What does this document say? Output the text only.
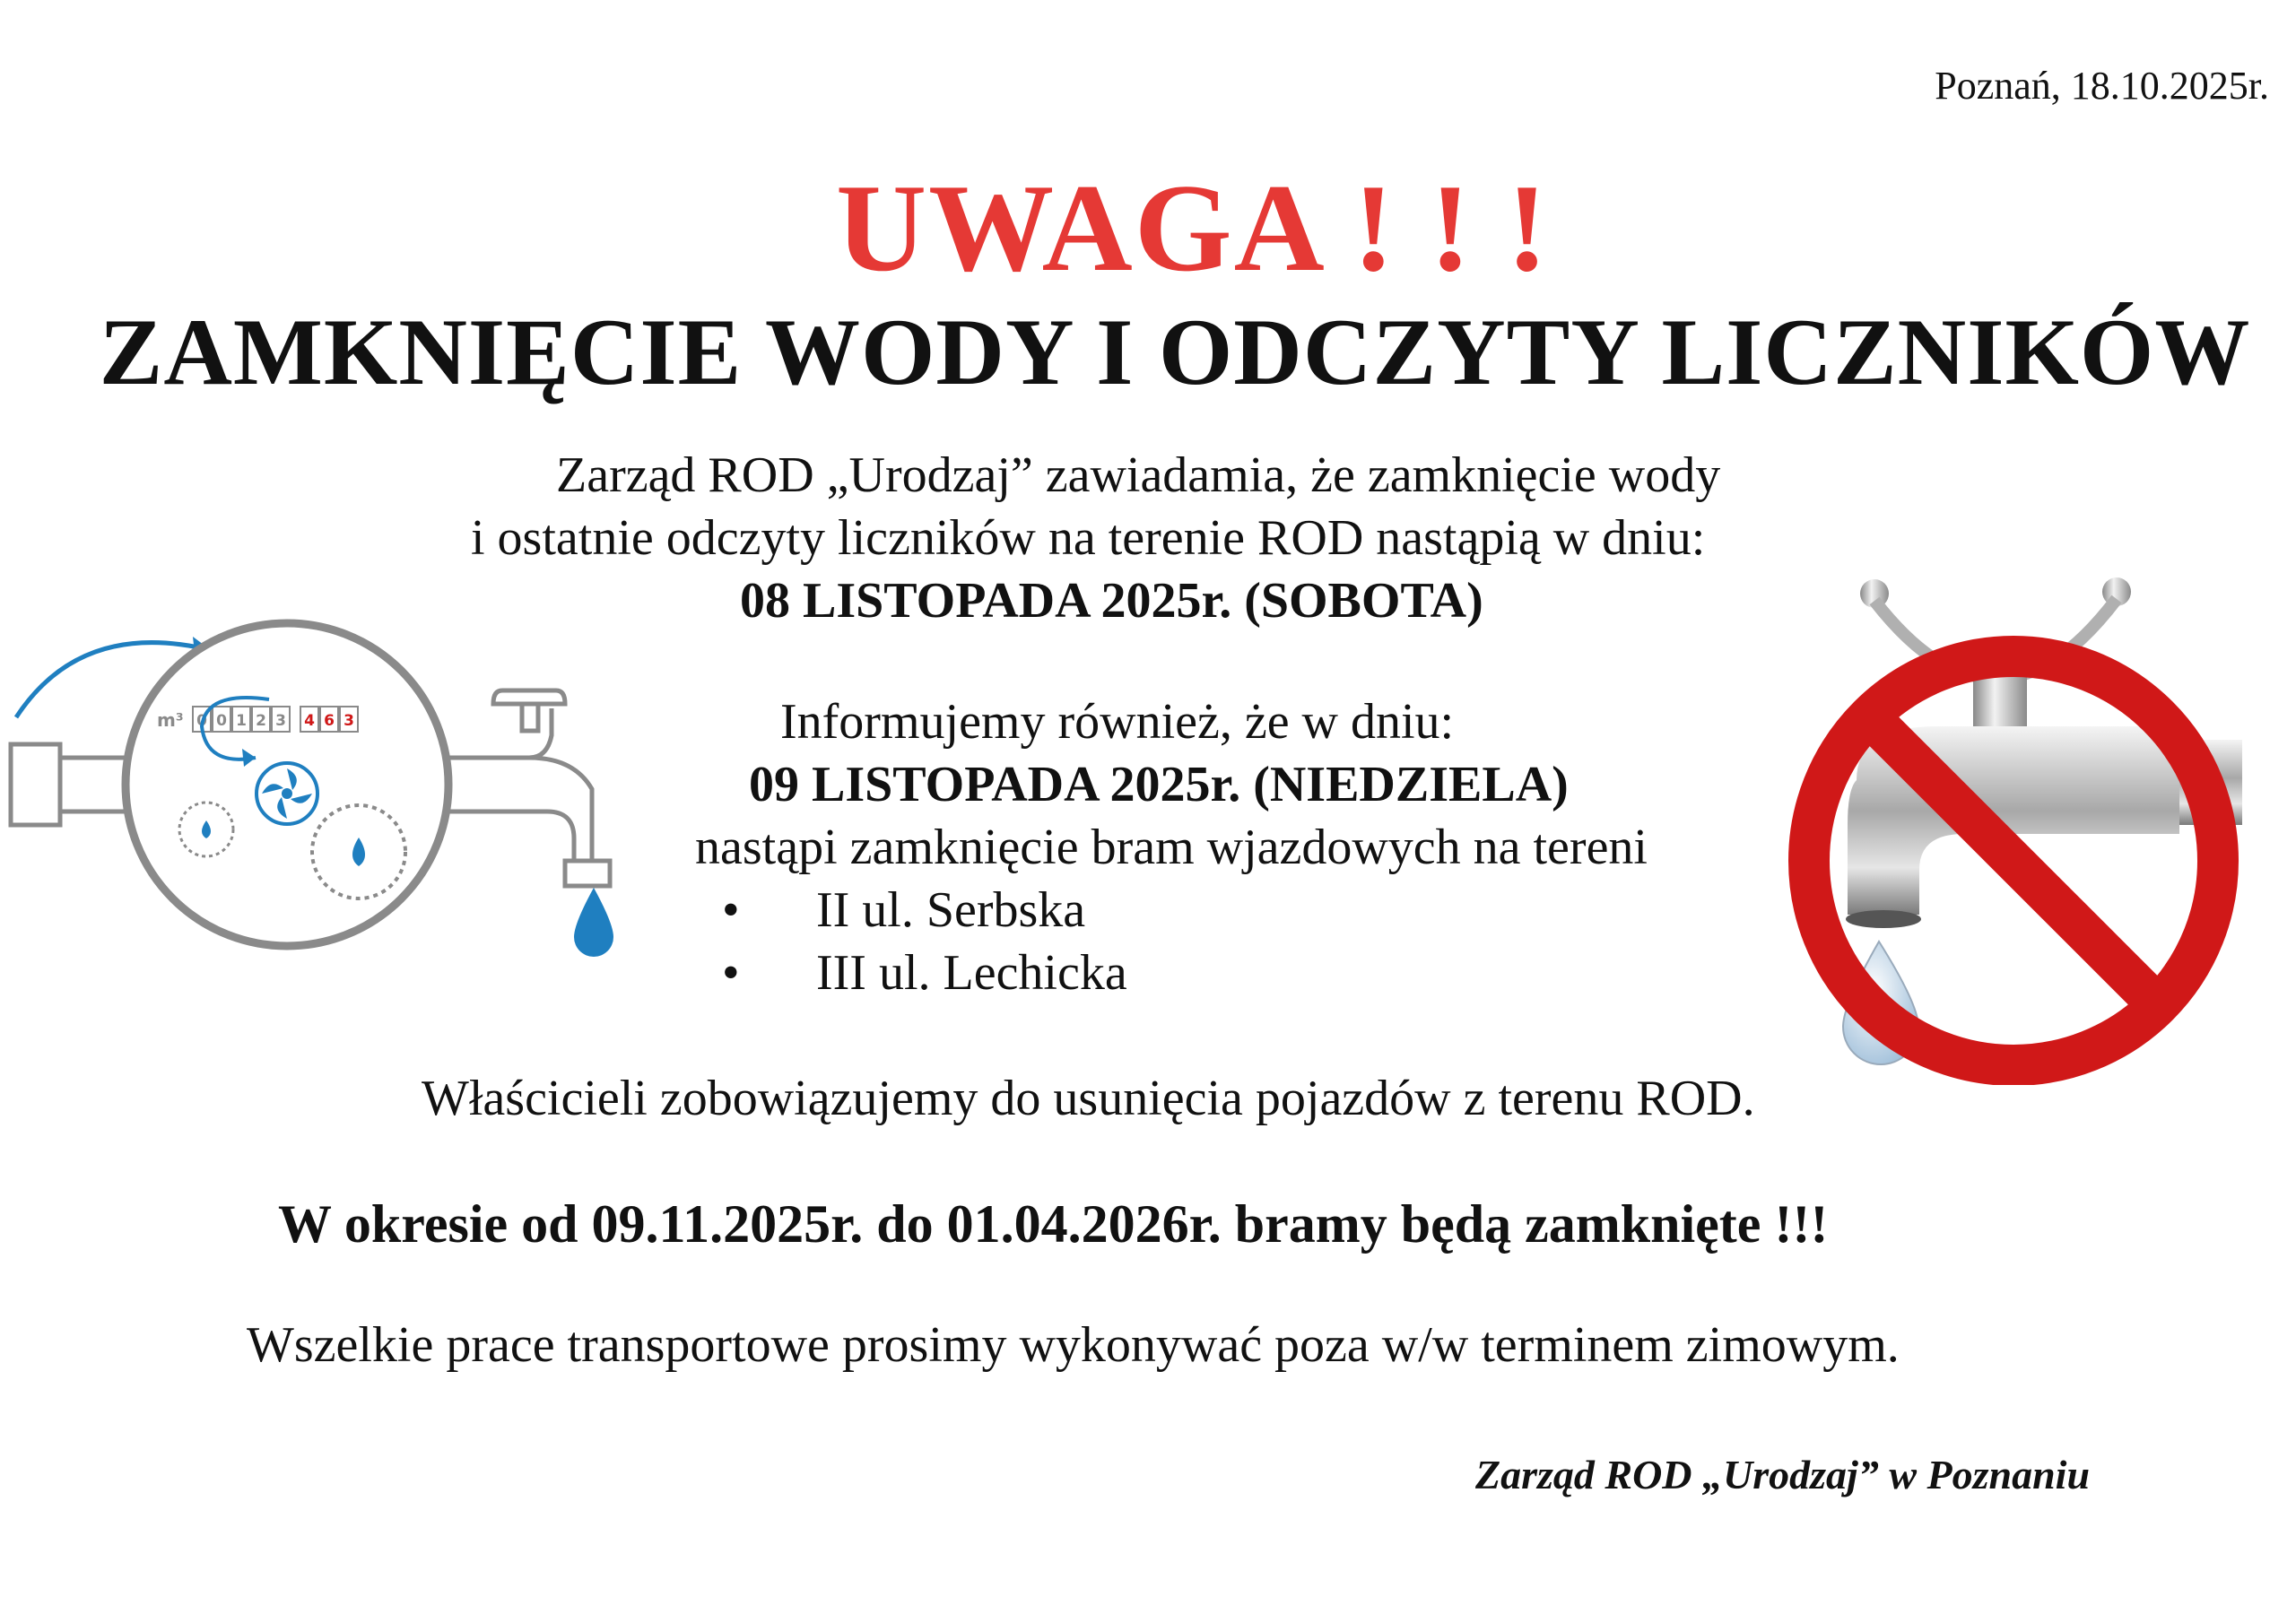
Poznań, 18.10.2025r.
UWAGA ! ! !
ZAMKNIĘCIE WODY I ODCZYTY LICZNIKÓW
Zarząd ROD „Urodzaj” zawiadamia, że zamknięcie wody
i ostatnie odczyty liczników na terenie ROD nastąpią w dniu:
08 LISTOPADA 2025r. (SOBOTA)
Informujemy również, że w dniu:
09 LISTOPADA 2025r. (NIEDZIELA)
nastąpi zamknięcie bram wjazdowych na tereni
•	II ul. Serbska
•	III ul. Lechicka
Właścicieli zobowiązujemy do usunięcia pojazdów z terenu ROD.
W okresie od 09.11.2025r. do 01.04.2026r. bramy będą zamknięte !!!
Wszelkie prace transportowe prosimy wykonywać poza w/w terminem zimowym.
Zarząd ROD „Urodzaj” w Poznaniu
m³ 0 0 1 2 3 4 6 3
